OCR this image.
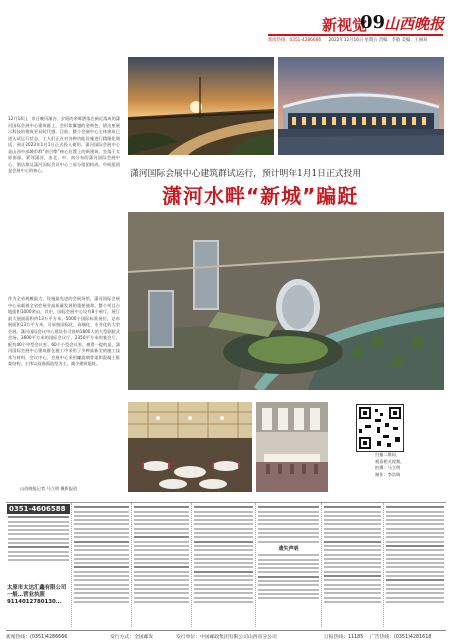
新视觉
09
山西晚报
新闻热线：0351-4286666 2022年12月16日 星期五 责编：李敏 美编：王丽局
潇河国际会展中心建筑群试运行，预计明年1月1日正式投用
潇河水畔“新城”蹁跹
12月14日，市日晚风渐冷，夕阳的余晖洒落在新近落成的潇河国际会展中心建筑群上，会形如翼翅的金黄色，错这座展示科技的建筑更具时代感。目前，整个会展中心主体建筑已进入试运行状态，工人们正在对各种功能设施进行精细化调试，预计2023年1月1日正式投入使用。潇河国际会展中心是山西中部城市群“南引擎”核心位置上的新建筑，坐落于太原南部，紧邻潇河，由北、中、南分布的潇河国际会展中心、酒店群及潇河国际会议中心三部分组团构成。中间组团是会展中心的核心。
作为全省规模最大、设施最先进的会展场馆，潇河国际会展中心承载着全省会展业高质量发展的重要使命。整个项目占地面积1000余亩，其中，国际会展中心设有8个展厅，展厅最大展面面积约13万平方米，5000个国际标准展位，总布展面积13万平方米，可承接国际化、高端化、专业化的大型会展。潇河国际会议中心建设有可容纳1800人的大型剧院式会场，3600平方米的国际会议厅，2350平方米的宴会厅，配有40个中型会议室、60个小型会议室。值得一提的是，潇河国际会展中心建筑群在施工中采用了多种高新尖的施工技术与材料，会议中心、会展中心采用螺旋钢骨架和混凝土框架结构，主体以双曲面造型为主，减少建筑能耗。
山西晚报记者 马立明 摄影报道
扫描二维码，
观看相关视频。
拍摄：马立明
制作：李浩瑞
0351-4606588
太原市太达汇鑫有限公司一般…营业执照 9114012780130…
遗失声明
新闻热线：(0351)4286666	发行方式：全国邮发	发行单位：中国邮政集团有限公司山西省分公司	订报热线：11185 广告热线：(0351)4281618
